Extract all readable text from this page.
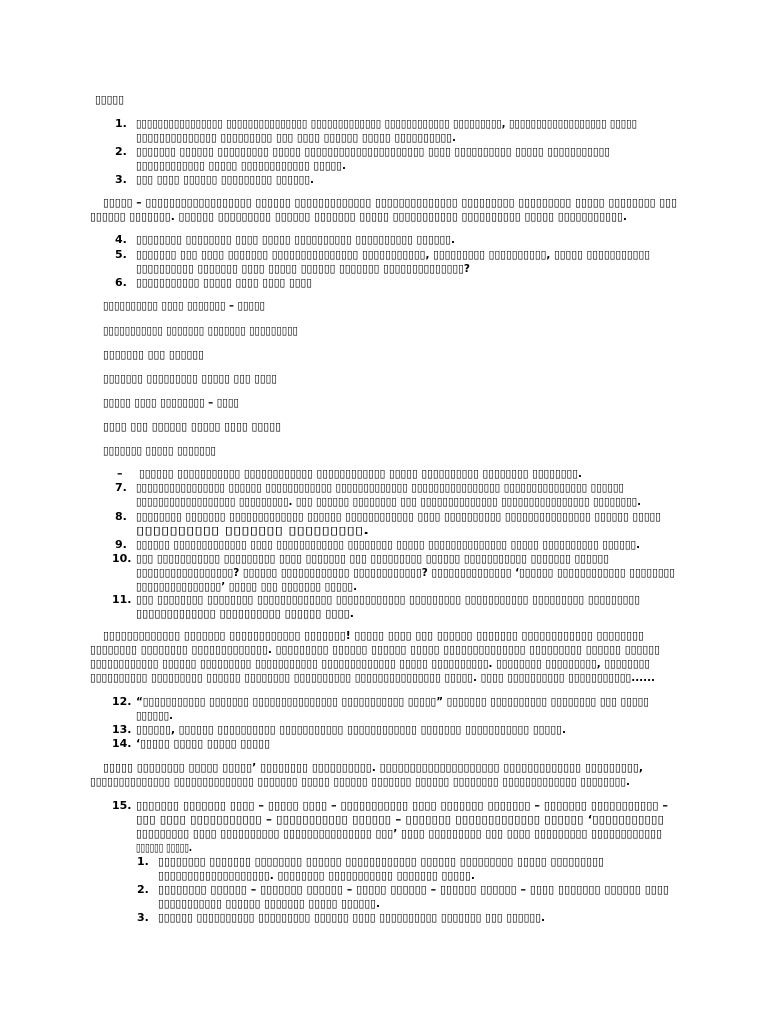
▯▯▯▯▯
1. ▯▯▯▯▯▯▯▯▯▯▯▯▯▯▯▯ ▯▯▯▯▯▯▯▯▯▯▯▯▯▯▯ ▯▯▯▯▯▯▯▯▯▯▯▯▯ ▯▯▯▯▯▯▯▯▯▯▯▯ ▯▯▯▯▯▯▯▯▯, ▯▯▯▯▯▯▯▯▯▯▯▯▯▯▯▯▯▯ ▯▯▯▯▯
▯▯▯▯▯▯▯▯▯▯▯▯▯▯ ▯▯▯▯▯▯▯▯▯ ▯▯▯ ▯▯▯▯ ▯▯▯▯▯▯ ▯▯▯▯▯ ▯▯▯▯▯▯▯▯▯▯.
2. ▯▯▯▯▯▯▯ ▯▯▯▯▯▯ ▯▯▯▯▯▯▯▯▯ ▯▯▯▯▯ ▯▯▯▯▯▯▯▯▯▯▯▯▯▯▯▯▯▯▯▯▯ ▯▯▯▯ ▯▯▯▯▯▯▯▯▯▯ ▯▯▯▯▯ ▯▯▯▯▯▯▯▯▯▯▯
▯▯▯▯▯▯▯▯▯▯▯▯ ▯▯▯▯▯ ▯▯▯▯▯▯▯▯▯▯▯▯ ▯▯▯▯▯.
3. ▯▯▯ ▯▯▯▯ ▯▯▯▯▯▯ ▯▯▯▯▯▯▯▯▯ ▯▯▯▯▯▯.
▯▯▯▯▯ – ▯▯▯▯▯▯▯▯▯▯▯▯▯▯▯▯▯▯ ▯▯▯▯▯▯ ▯▯▯▯▯▯▯▯▯▯▯▯▯ ▯▯▯▯▯▯▯▯▯▯▯▯▯▯ ▯▯▯▯▯▯▯▯▯ ▯▯▯▯▯▯▯▯▯ ▯▯▯▯▯ ▯▯▯▯▯▯▯▯ ▯▯▯
▯▯▯▯▯▯ ▯▯▯▯▯▯▯. ▯▯▯▯▯▯ ▯▯▯▯▯▯▯▯▯ ▯▯▯▯▯▯ ▯▯▯▯▯▯▯ ▯▯▯▯▯ ▯▯▯▯▯▯▯▯▯▯▯ ▯▯▯▯▯▯▯▯▯▯ ▯▯▯▯▯ ▯▯▯▯▯▯▯▯▯▯▯.
4. ▯▯▯▯▯▯▯▯ ▯▯▯▯▯▯▯▯ ▯▯▯▯ ▯▯▯▯▯ ▯▯▯▯▯▯▯▯▯▯ ▯▯▯▯▯▯▯▯▯▯ ▯▯▯▯▯▯.
5. ▯▯▯▯▯▯▯ ▯▯▯ ▯▯▯▯ ▯▯▯▯▯▯▯ ▯▯▯▯▯▯▯▯▯▯▯▯▯▯▯ ▯▯▯▯▯▯▯▯▯▯▯, ▯▯▯▯▯▯▯▯▯ ▯▯▯▯▯▯▯▯▯▯, ▯▯▯▯▯ ▯▯▯▯▯▯▯▯▯▯▯
▯▯▯▯▯▯▯▯▯▯ ▯▯▯▯▯▯▯ ▯▯▯▯ ▯▯▯▯▯ ▯▯▯▯▯▯ ▯▯▯▯▯▯▯ ▯▯▯▯▯▯▯▯▯▯▯▯▯▯?
6. ▯▯▯▯▯▯▯▯▯▯▯ ▯▯▯▯▯ ▯▯▯▯ ▯▯▯▯ ▯▯▯▯
▯▯▯▯▯▯▯▯▯▯ ▯▯▯▯ ▯▯▯▯▯▯▯ – ▯▯▯▯▯
▯▯▯▯▯▯▯▯▯▯▯ ▯▯▯▯▯▯▯ ▯▯▯▯▯▯▯ ▯▯▯▯▯▯▯▯▯
▯▯▯▯▯▯▯ ▯▯▯ ▯▯▯▯▯▯
▯▯▯▯▯▯▯ ▯▯▯▯▯▯▯▯▯ ▯▯▯▯▯ ▯▯▯ ▯▯▯▯
▯▯▯▯▯ ▯▯▯▯ ▯▯▯▯▯▯▯▯ – ▯▯▯▯
▯▯▯▯ ▯▯▯ ▯▯▯▯▯▯ ▯▯▯▯▯ ▯▯▯▯ ▯▯▯▯▯
▯▯▯▯▯▯▯ ▯▯▯▯▯ ▯▯▯▯▯▯▯
– ▯▯▯▯▯▯ ▯▯▯▯▯▯▯▯▯▯▯ ▯▯▯▯▯▯▯▯▯▯▯▯ ▯▯▯▯▯▯▯▯▯▯▯▯ ▯▯▯▯▯ ▯▯▯▯▯▯▯▯▯▯ ▯▯▯▯▯▯▯▯ ▯▯▯▯▯▯▯▯.
7. ▯▯▯▯▯▯▯▯▯▯▯▯▯▯▯▯ ▯▯▯▯▯▯ ▯▯▯▯▯▯▯▯▯▯▯▯ ▯▯▯▯▯▯▯▯▯▯▯▯▯ ▯▯▯▯▯▯▯▯▯▯▯▯▯▯▯▯ ▯▯▯▯▯▯▯▯▯▯▯▯▯▯▯ ▯▯▯▯▯▯
▯▯▯▯▯▯▯▯▯▯▯▯▯▯▯▯▯▯ ▯▯▯▯▯▯▯▯▯. ▯▯▯ ▯▯▯▯▯▯ ▯▯▯▯▯▯▯▯ ▯▯▯ ▯▯▯▯▯▯▯▯▯▯▯▯▯▯ ▯▯▯▯▯▯▯▯▯▯▯▯▯▯▯▯ ▯▯▯▯▯▯▯▯.
8. ▯▯▯▯▯▯▯▯ ▯▯▯▯▯▯▯ ▯▯▯▯▯▯▯▯▯▯▯▯▯ ▯▯▯▯▯▯ ▯▯▯▯▯▯▯▯▯▯▯▯ ▯▯▯▯ ▯▯▯▯▯▯▯▯▯▯ ▯▯▯▯▯▯▯▯▯▯▯▯▯▯▯ ▯▯▯▯▯▯ ▯▯▯▯▯
▯▯▯▯▯▯▯▯▯▯ ▯▯▯▯▯▯▯ ▯▯▯▯▯▯▯▯▯.
9. ▯▯▯▯▯▯ ▯▯▯▯▯▯▯▯▯▯▯▯▯ ▯▯▯▯ ▯▯▯▯▯▯▯▯▯▯▯▯ ▯▯▯▯▯▯▯▯ ▯▯▯▯▯ ▯▯▯▯▯▯▯▯▯▯▯▯▯▯ ▯▯▯▯▯ ▯▯▯▯▯▯▯▯▯▯ ▯▯▯▯▯▯.
10. ▯▯▯ ▯▯▯▯▯▯▯▯▯▯▯ ▯▯▯▯▯▯▯▯▯ ▯▯▯▯ ▯▯▯▯▯▯▯ ▯▯▯ ▯▯▯▯▯▯▯▯▯ ▯▯▯▯▯▯ ▯▯▯▯▯▯▯▯▯▯▯ ▯▯▯▯▯▯▯ ▯▯▯▯▯▯
▯▯▯▯▯▯▯▯▯▯▯▯▯▯▯▯▯? ▯▯▯▯▯▯ ▯▯▯▯▯▯▯▯▯▯▯▯ ▯▯▯▯▯▯▯▯▯▯▯▯? ▯▯▯▯▯▯▯▯▯▯▯▯▯▯ ‘▯▯▯▯▯▯ ▯▯▯▯▯▯▯▯▯▯▯▯ ▯▯▯▯▯▯▯▯
▯▯▯▯▯▯▯▯▯▯▯▯▯▯▯’ ▯▯▯▯▯ ▯▯▯ ▯▯▯▯▯▯▯ ▯▯▯▯▯.
11. ▯▯▯ ▯▯▯▯▯▯▯▯ ▯▯▯▯▯▯▯▯ ▯▯▯▯▯▯▯▯▯▯▯▯▯ ▯▯▯▯▯▯▯▯▯▯▯▯ ▯▯▯▯▯▯▯▯▯ ▯▯▯▯▯▯▯▯▯▯▯ ▯▯▯▯▯▯▯▯▯ ▯▯▯▯▯▯▯▯▯
▯▯▯▯▯▯▯▯▯▯▯▯▯ ▯▯▯▯▯▯▯▯▯▯ ▯▯▯▯▯▯ ▯▯▯▯.
▯▯▯▯▯▯▯▯▯▯▯▯▯ ▯▯▯▯▯▯▯ ▯▯▯▯▯▯▯▯▯▯▯▯ ▯▯▯▯▯▯▯! ▯▯▯▯▯ ▯▯▯▯ ▯▯▯ ▯▯▯▯▯▯ ▯▯▯▯▯▯▯ ▯▯▯▯▯▯▯▯▯▯▯▯ ▯▯▯▯▯▯▯▯
▯▯▯▯▯▯▯▯ ▯▯▯▯▯▯▯▯ ▯▯▯▯▯▯▯▯▯▯▯▯▯. ▯▯▯▯▯▯▯▯▯ ▯▯▯▯▯▯ ▯▯▯▯▯▯ ▯▯▯▯▯ ▯▯▯▯▯▯▯▯▯▯▯▯▯▯ ▯▯▯▯▯▯▯▯▯ ▯▯▯▯▯▯ ▯▯▯▯▯▯
▯▯▯▯▯▯▯▯▯▯▯▯ ▯▯▯▯▯▯ ▯▯▯▯▯▯▯▯▯ ▯▯▯▯▯▯▯▯▯▯▯ ▯▯▯▯▯▯▯▯▯▯▯▯▯ ▯▯▯▯▯ ▯▯▯▯▯▯▯▯▯▯. ▯▯▯▯▯▯▯▯ ▯▯▯▯▯▯▯▯▯, ▯▯▯▯▯▯▯▯
▯▯▯▯▯▯▯▯▯▯ ▯▯▯▯▯▯▯▯▯ ▯▯▯▯▯▯ ▯▯▯▯▯▯▯▯ ▯▯▯▯▯▯▯▯▯▯ ▯▯▯▯▯▯▯▯▯▯▯▯▯▯▯ ▯▯▯▯▯. ▯▯▯▯ ▯▯▯▯▯▯▯▯▯▯ ▯▯▯▯▯▯▯▯▯▯▯......
12. “▯▯▯▯▯▯▯▯▯▯▯ ▯▯▯▯▯▯▯ ▯▯▯▯▯▯▯▯▯▯▯▯▯▯▯ ▯▯▯▯▯▯▯▯▯▯▯ ▯▯▯▯▯” ▯▯▯▯▯▯▯ ▯▯▯▯▯▯▯▯▯▯ ▯▯▯▯▯▯▯▯ ▯▯▯ ▯▯▯▯▯
▯▯▯▯▯▯.
13. ▯▯▯▯▯▯, ▯▯▯▯▯▯ ▯▯▯▯▯▯▯▯▯▯ ▯▯▯▯▯▯▯▯▯▯▯ ▯▯▯▯▯▯▯▯▯▯▯▯ ▯▯▯▯▯▯▯ ▯▯▯▯▯▯▯▯▯▯▯ ▯▯▯▯▯.
14. ‘▯▯▯▯▯ ▯▯▯▯▯ ▯▯▯▯▯ ▯▯▯▯▯
▯▯▯▯▯ ▯▯▯▯▯▯▯▯ ▯▯▯▯▯ ▯▯▯▯▯’ ▯▯▯▯▯▯▯▯ ▯▯▯▯▯▯▯▯▯▯. ▯▯▯▯▯▯▯▯▯▯▯▯▯▯▯▯▯▯▯▯ ▯▯▯▯▯▯▯▯▯▯▯▯▯ ▯▯▯▯▯▯▯▯▯,
▯▯▯▯▯▯▯▯▯▯▯▯▯▯ ▯▯▯▯▯▯▯▯▯▯▯▯▯▯ ▯▯▯▯▯▯▯ ▯▯▯▯▯ ▯▯▯▯▯▯ ▯▯▯▯▯▯▯ ▯▯▯▯▯▯ ▯▯▯▯▯▯▯▯ ▯▯▯▯▯▯▯▯▯▯▯▯▯ ▯▯▯▯▯▯▯▯.
15. ▯▯▯▯▯▯▯ ▯▯▯▯▯▯▯ ▯▯▯▯ – ▯▯▯▯▯ ▯▯▯▯ – ▯▯▯▯▯▯▯▯▯▯▯ ▯▯▯▯ ▯▯▯▯▯▯▯ ▯▯▯▯▯▯▯ – ▯▯▯▯▯▯▯ ▯▯▯▯▯▯▯▯▯▯▯ –
▯▯▯ ▯▯▯▯ ▯▯▯▯▯▯▯▯▯▯▯ – ▯▯▯▯▯▯▯▯▯▯▯ ▯▯▯▯▯▯ – ▯▯▯▯▯▯▯ ▯▯▯▯▯▯▯▯▯▯▯▯▯ ▯▯▯▯▯▯ ‘▯▯▯▯▯▯▯▯▯▯▯
▯▯▯▯▯▯▯▯▯ ▯▯▯▯ ▯▯▯▯▯▯▯▯▯▯ ▯▯▯▯▯▯▯▯▯▯▯▯▯▯▯ ▯▯▯’ ▯▯▯▯ ▯▯▯▯▯▯▯▯▯ ▯▯▯ ▯▯▯▯ ▯▯▯▯▯▯▯▯▯ ▯▯▯▯▯▯▯▯▯▯▯▯
▯▯▯▯▯▯ ▯▯▯▯▯.
1. ▯▯▯▯▯▯▯▯ ▯▯▯▯▯▯▯ ▯▯▯▯▯▯▯▯ ▯▯▯▯▯▯ ▯▯▯▯▯▯▯▯▯▯▯▯ ▯▯▯▯▯▯ ▯▯▯▯▯▯▯▯▯ ▯▯▯▯▯ ▯▯▯▯▯▯▯▯▯
▯▯▯▯▯▯▯▯▯▯▯▯▯▯▯▯▯▯▯. ▯▯▯▯▯▯▯▯ ▯▯▯▯▯▯▯▯▯▯▯ ▯▯▯▯▯▯▯ ▯▯▯▯▯.
2. ▯▯▯▯▯▯▯▯ ▯▯▯▯▯▯ – ▯▯▯▯▯▯▯ ▯▯▯▯▯▯ – ▯▯▯▯▯ ▯▯▯▯▯▯ – ▯▯▯▯▯▯ ▯▯▯▯▯▯ – ▯▯▯▯ ▯▯▯▯▯▯▯ ▯▯▯▯▯▯ ▯▯▯▯
▯▯▯▯▯▯▯▯▯▯▯ ▯▯▯▯▯▯ ▯▯▯▯▯▯▯ ▯▯▯▯▯ ▯▯▯▯▯▯.
3. ▯▯▯▯▯▯ ▯▯▯▯▯▯▯▯▯▯ ▯▯▯▯▯▯▯▯▯ ▯▯▯▯▯▯ ▯▯▯▯ ▯▯▯▯▯▯▯▯▯▯ ▯▯▯▯▯▯▯ ▯▯▯ ▯▯▯▯▯▯.
